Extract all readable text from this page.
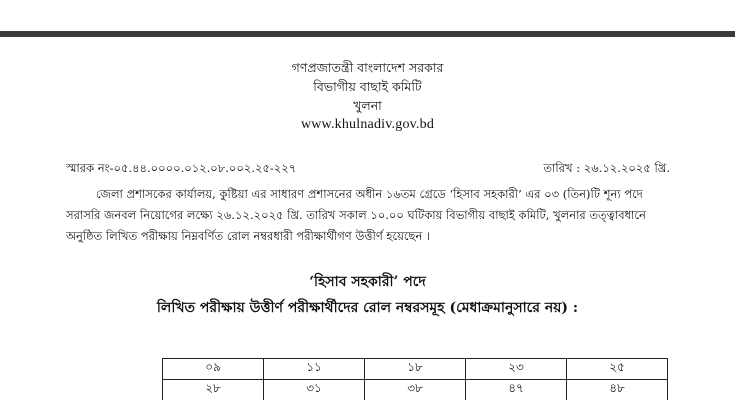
গণপ্রজাতন্ত্রী বাংলাদেশ সরকার
বিভাগীয় বাছাই কমিটি
খুলনা
www.khulnadiv.gov.bd
স্মারক নং-০৫.৪৪.০০০০.০১২.০৮.০০২.২৫-২২৭	তারিখ : ২৬.১২.২০২৫ খ্রি.
জেলা প্রশাসকের কার্যালয়, কুষ্টিয়া এর সাধারণ প্রশাসনের অধীন ১৬তম গ্রেডে ‘হিসাব সহকারী’ এর ০৩ (তিন)টি শূন্য পদে
সরাসরি জনবল নিয়োগের লক্ষ্যে ২৬.১২.২০২৫ খ্রি. তারিখ সকাল ১০.০০ ঘটিকায় বিভাগীয় বাছাই কমিটি, খুলনার তত্ত্বাবধানে
অনুষ্ঠিত লিখিত পরীক্ষায় নিম্নবর্ণিত রোল নম্বরধারী পরীক্ষার্থীগণ উত্তীর্ণ হয়েছেন ।
‘হিসাব সহকারী’ পদে
লিখিত পরীক্ষায় উত্তীর্ণ পরীক্ষার্থীদের রোল নম্বরসমূহ (মেধাক্রমানুসারে নয়) :
০৯	১১	১৮	২৩	২৫
২৮	৩১	৩৮	৪৭	৪৮
